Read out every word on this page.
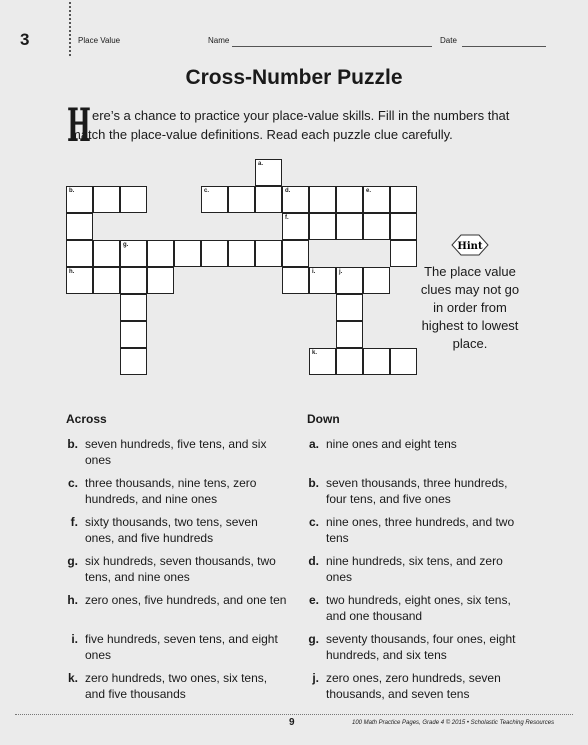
3	Place Value	Name	Date
Cross-Number Puzzle
H ere’s a chance to practice your place-value skills. Fill in the numbers that match the place-value definitions. Read each puzzle clue carefully.
a.
b.	c.	d.	e.
f.
g.
h.	i.	j.
k.
Hint
The place value clues may not go in order from highest to lowest place.
Across	Down
b. seven hundreds, five tens, and six ones
c. three thousands, nine tens, zero hundreds, and nine ones
f. sixty thousands, two tens, seven ones, and five hundreds
g. six hundreds, seven thousands, two tens, and nine ones
h. zero ones, five hundreds, and one ten
i. five hundreds, seven tens, and eight ones
k. zero hundreds, two ones, six tens, and five thousands
a. nine ones and eight tens
b. seven thousands, three hundreds, four tens, and five ones
c. nine ones, three hundreds, and two tens
d. nine hundreds, six tens, and zero ones
e. two hundreds, eight ones, six tens, and one thousand
g. seventy thousands, four ones, eight hundreds, and six tens
j. zero ones, zero hundreds, seven thousands, and seven tens
9	100 Math Practice Pages, Grade 4 © 2015 • Scholastic Teaching Resources
